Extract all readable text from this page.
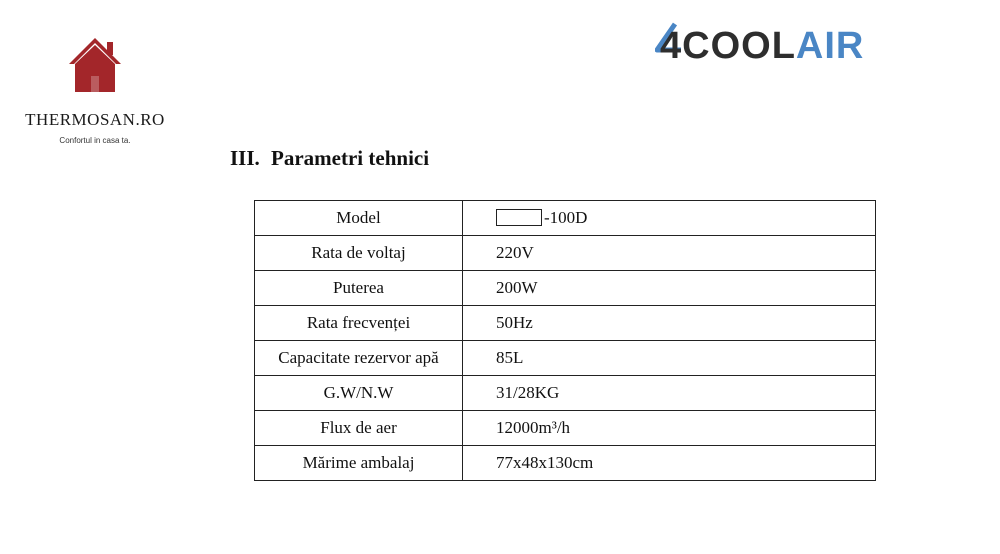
THERMOSAN.RO
Confortul in casa ta.
4COOLAIR
III. Parametri tehnici
Model	-100D
Rata de voltaj	220V
Puterea	200W
Rata frecvenței	50Hz
Capacitate rezervor apă	85L
G.W/N.W	31/28KG
Flux de aer	12000m³/h
Mărime ambalaj	77x48x130cm
